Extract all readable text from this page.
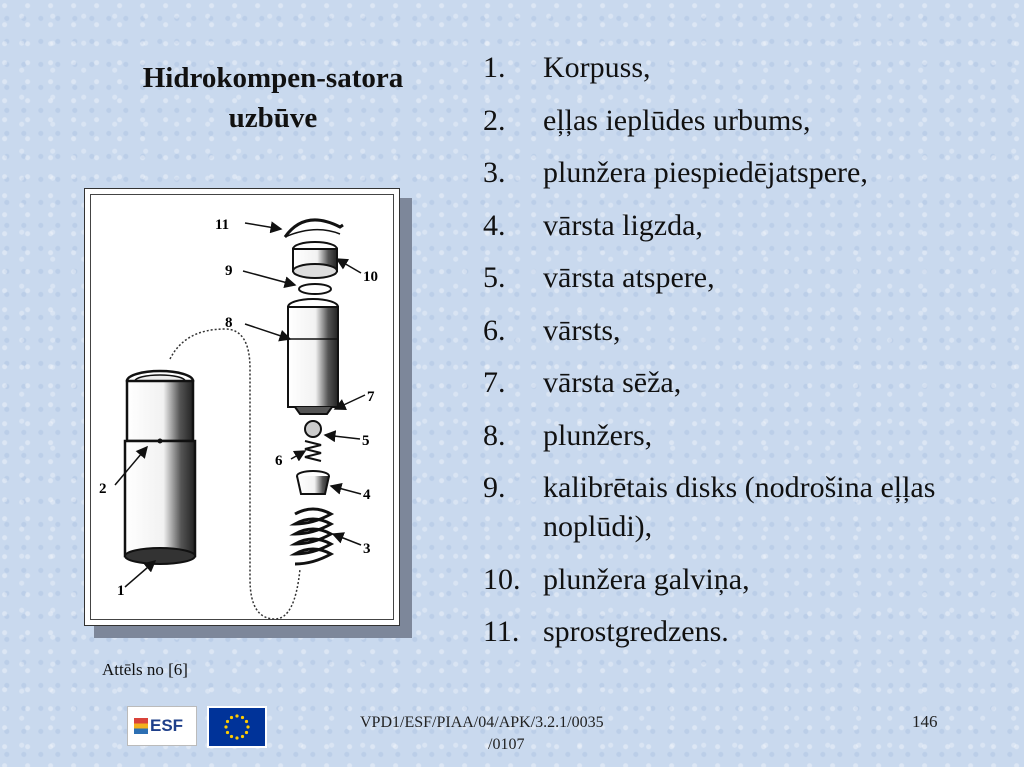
Hidrokompen-satora
uzbūve
1. Korpuss,
2. eļļas ieplūdes urbums,
3. plunžera piespiedējatspere,
4. vārsta ligzda,
5. vārsta atspere,
6. vārsts,
7. vārsta sēža,
8. plunžers,
9. kalibrētais disks (nodrošina eļļas noplūdi),
10. plunžera galviņa,
11. sprostgredzens.
11
9	10
8
7
5
6
4
3
2
1
Attēls no [6]
ESF	VPD1/ESF/PIAA/04/APK/3.2.1/0035
/0107
146
